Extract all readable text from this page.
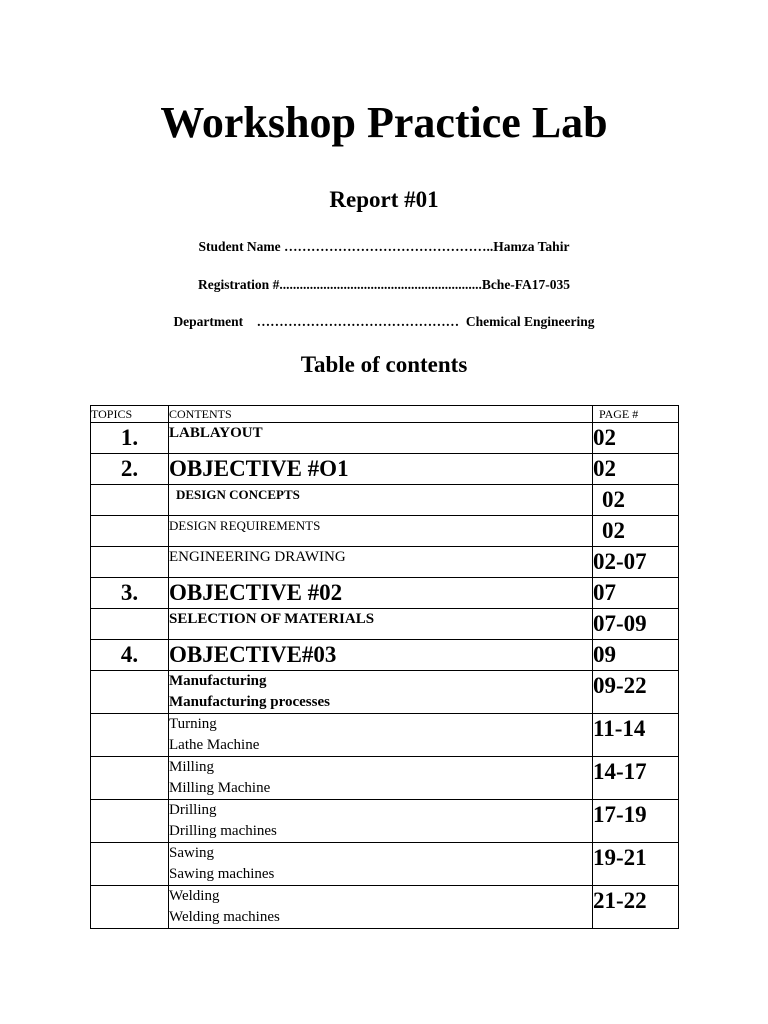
Workshop Practice Lab
Report #01
Student Name ………………………………………..Hamza Tahir
Registration #............................................................Bche-FA17-035
Department    ………………………………………  Chemical Engineering
Table of contents
TOPICS	CONTENTS	PAGE #
1.	LABLAYOUT	02
2.	OBJECTIVE #O1	02

	DESIGN CONCEPTS	02

	DESIGN REQUIREMENTS	02

	ENGINEERING DRAWING	02-07
3.	OBJECTIVE #02	07

	SELECTION OF MATERIALS	07-09
4.	OBJECTIVE#03	09

	Manufacturing
Manufacturing processes	09-22

	Turning
Lathe Machine	11-14

	Milling
Milling Machine	14-17

	Drilling
Drilling machines	17-19

	Sawing
Sawing machines	19-21

	Welding
Welding machines	21-22
